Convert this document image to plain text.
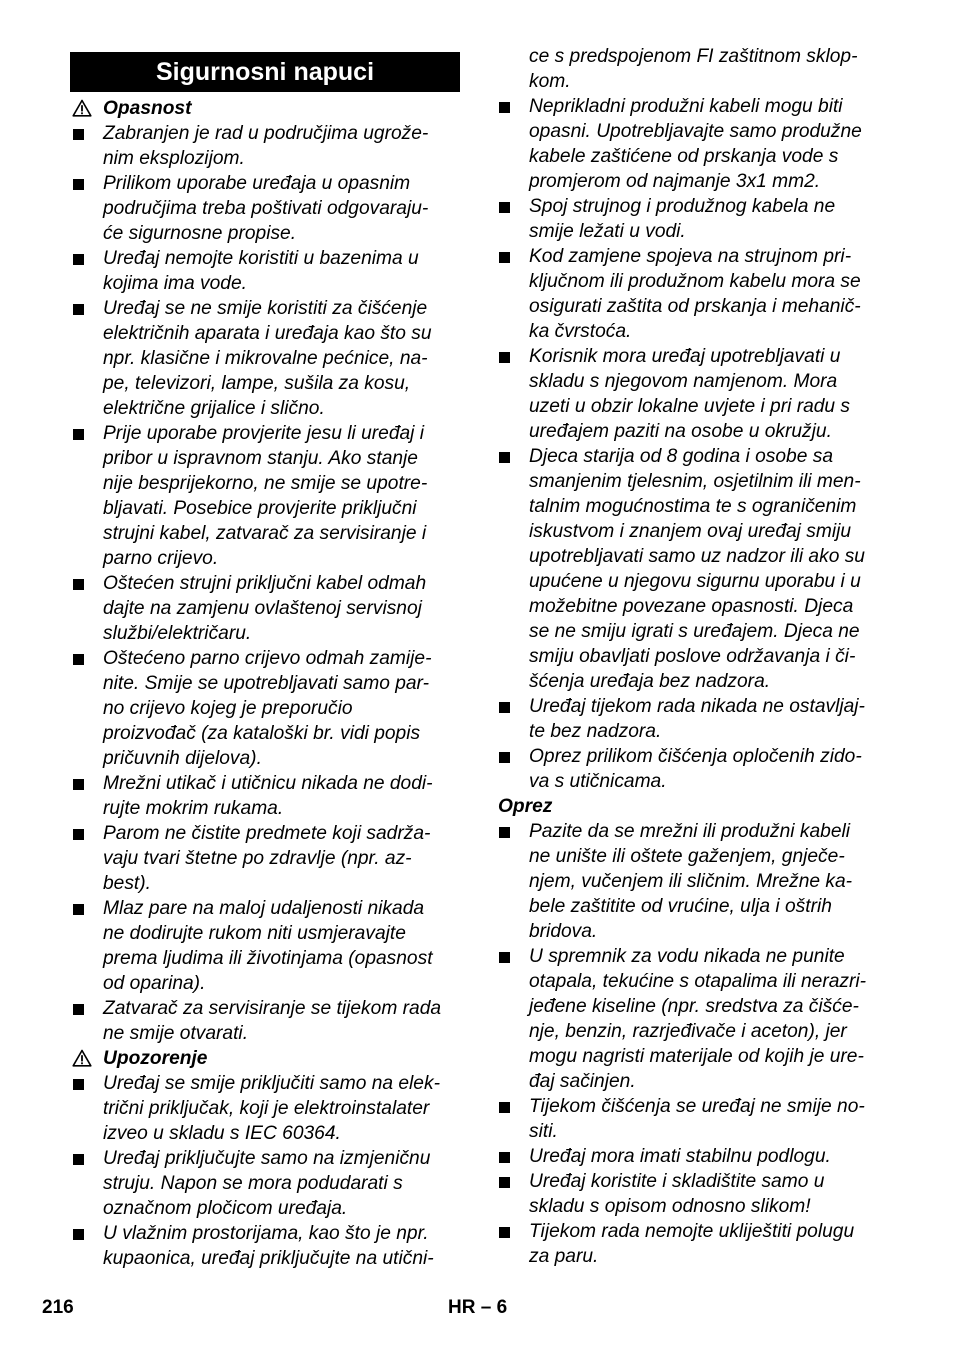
Sigurnosni napuci
Opasnost
Zabranjen je rad u područjima ugrože-
nim eksplozijom.
Prilikom uporabe uređaja u opasnim
područjima treba poštivati odgovaraju-
će sigurnosne propise.
Uređaj nemojte koristiti u bazenima u
kojima ima vode.
Uređaj se ne smije koristiti za čišćenje
električnih aparata i uređaja kao što su
npr. klasične i mikrovalne pećnice, na-
pe, televizori, lampe, sušila za kosu,
električne grijalice i slično.
Prije uporabe provjerite jesu li uređaj i
pribor u ispravnom stanju. Ako stanje
nije besprijekorno, ne smije se upotre-
bljavati. Posebice provjerite priključni
strujni kabel, zatvarač za servisiranje i
parno crijevo.
Oštećen strujni priključni kabel odmah
dajte na zamjenu ovlaštenoj servisnoj
službi/električaru.
Oštećeno parno crijevo odmah zamije-
nite. Smije se upotrebljavati samo par-
no crijevo kojeg je preporučio
proizvođač (za kataloški br. vidi popis
pričuvnih dijelova).
Mrežni utikač i utičnicu nikada ne dodi-
rujte mokrim rukama.
Parom ne čistite predmete koji sadrža-
vaju tvari štetne po zdravlje (npr. az-
best).
Mlaz pare na maloj udaljenosti nikada
ne dodirujte rukom niti usmjeravajte
prema ljudima ili životinjama (opasnost
od oparina).
Zatvarač za servisiranje se tijekom rada
ne smije otvarati.
Upozorenje
Uređaj se smije priključiti samo na elek-
trični priključak, koji je elektroinstalater
izveo u skladu s IEC 60364.
Uređaj priključujte samo na izmjeničnu
struju. Napon se mora podudarati s
označnom pločicom uređaja.
U vlažnim prostorijama, kao što je npr.
kupaonica, uređaj priključujte na utični-
ce s predspojenom FI zaštitnom sklop-
kom.
Neprikladni produžni kabeli mogu biti
opasni. Upotrebljavajte samo produžne
kabele zaštićene od prskanja vode s
promjerom od najmanje 3x1 mm2.
Spoj strujnog i produžnog kabela ne
smije ležati u vodi.
Kod zamjene spojeva na strujnom pri-
ključnom ili produžnom kabelu mora se
osigurati zaštita od prskanja i mehanič-
ka čvrstoća.
Korisnik mora uređaj upotrebljavati u
skladu s njegovom namjenom. Mora
uzeti u obzir lokalne uvjete i pri radu s
uređajem paziti na osobe u okružju.
Djeca starija od 8 godina i osobe sa
smanjenim tjelesnim, osjetilnim ili men-
talnim mogućnostima te s ograničenim
iskustvom i znanjem ovaj uređaj smiju
upotrebljavati samo uz nadzor ili ako su
upućene u njegovu sigurnu uporabu i u
možebitne povezane opasnosti. Djeca
se ne smiju igrati s uređajem. Djeca ne
smiju obavljati poslove održavanja i či-
šćenja uređaja bez nadzora.
Uređaj tijekom rada nikada ne ostavljaj-
te bez nadzora.
Oprez prilikom čišćenja opločenih zido-
va s utičnicama.
Oprez
Pazite da se mrežni ili produžni kabeli
ne unište ili oštete gaženjem, gnječe-
njem, vučenjem ili sličnim. Mrežne ka-
bele zaštitite od vrućine, ulja i oštrih
bridova.
U spremnik za vodu nikada ne punite
otapala, tekućine s otapalima ili nerazri-
jeđene kiseline (npr. sredstva za čišće-
nje, benzin, razrjeđivače i aceton), jer
mogu nagristi materijale od kojih je ure-
đaj sačinjen.
Tijekom čišćenja se uređaj ne smije no-
siti.
Uređaj mora imati stabilnu podlogu.
Uređaj koristite i skladištite samo u
skladu s opisom odnosno slikom!
Tijekom rada nemojte ukliještiti polugu
za paru.
216	HR – 6
